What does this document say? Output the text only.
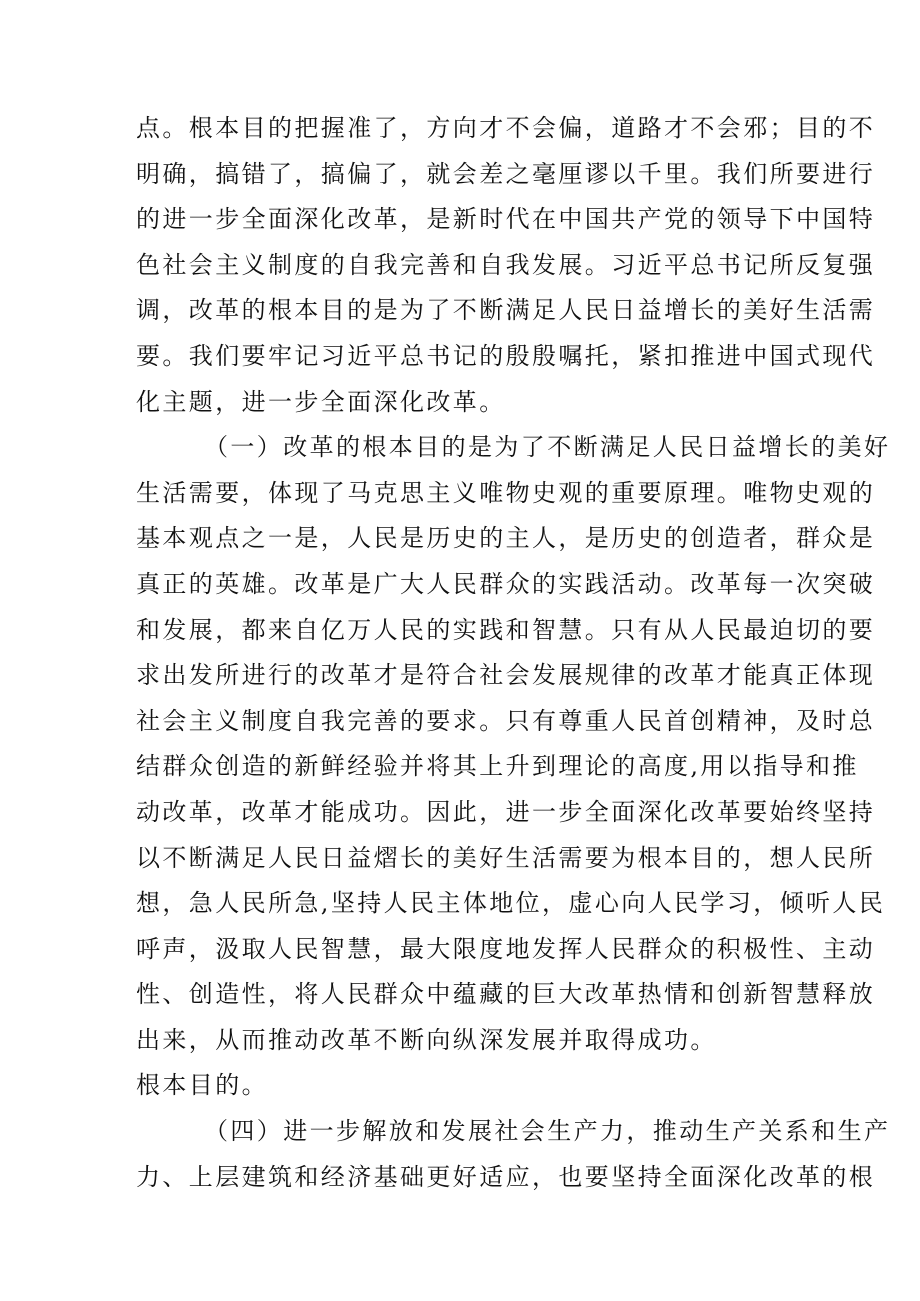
点。根本目的把握准了，方向才不会偏，道路才不会邪；目的不
明确，搞错了，搞偏了，就会差之毫厘谬以千里。我们所要进行
的进一步全面深化改革，是新时代在中国共产党的领导下中国特
色社会主义制度的自我完善和自我发展。习近平总书记所反复强
调，改革的根本目的是为了不断满足人民日益增长的美好生活需
要。我们要牢记习近平总书记的殷殷嘱托，紧扣推进中国式现代
化主题，进一步全面深化改革。
（一）改革的根本目的是为了不断满足人民日益增长的美好
生活需要，体现了马克思主义唯物史观的重要原理。唯物史观的
基本观点之一是，人民是历史的主人，是历史的创造者，群众是
真正的英雄。改革是广大人民群众的实践活动。改革每一次突破
和发展，都来自亿万人民的实践和智慧。只有从人民最迫切的要
求出发所进行的改革才是符合社会发展规律的改革才能真正体现
社会主义制度自我完善的要求。只有尊重人民首创精神，及时总
结群众创造的新鲜经验并将其上升到理论的高度,用以指导和推
动改革，改革才能成功。因此，进一步全面深化改革要始终坚持
以不断满足人民日益熠长的美好生活需要为根本目的，想人民所
想，急人民所急,坚持人民主体地位，虚心向人民学习，倾听人民
呼声，汲取人民智慧，最大限度地发挥人民群众的积极性、主动
性、创造性，将人民群众中蕴藏的巨大改革热情和创新智慧释放
出来，从而推动改革不断向纵深发展并取得成功。
根本目的。
（四）进一步解放和发展社会生产力，推动生产关系和生产
力、上层建筑和经济基础更好适应，也要坚持全面深化改革的根
